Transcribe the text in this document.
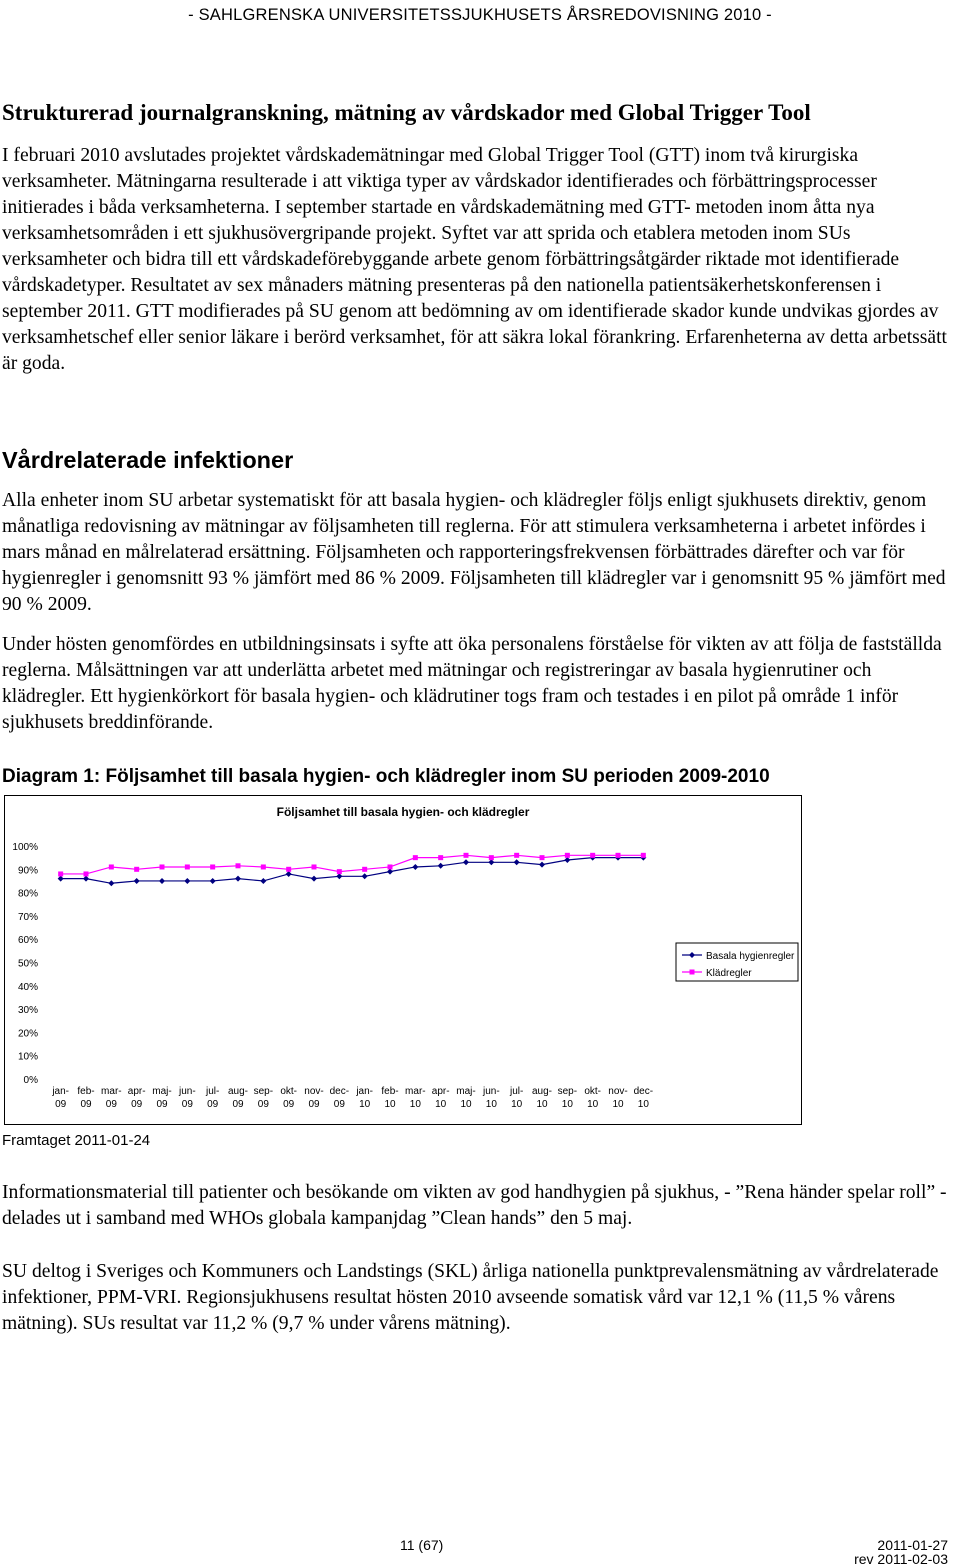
- SAHLGRENSKA UNIVERSITETSSJUKHUSETS ÅRSREDOVISNING 2010 -
Strukturerad journalgranskning, mätning av vårdskador med Global Trigger Tool

I februari 2010 avslutades projektet vårdskademätningar med Global Trigger Tool (GTT) inom två kirurgiska verksamheter. Mätningarna resulterade i att viktiga typer av vårdskador identifierades och förbättringsprocesser initierades i båda verksamheterna. I september startade en vårdskademätning med GTT- metoden inom åtta nya verksamhetsområden i ett sjukhusövergripande projekt. Syftet var att sprida och etablera metoden inom SUs verksamheter och bidra till ett vårdskadeförebyggande arbete genom förbättringsåtgärder riktade mot identifierade vårdskadetyper. Resultatet av sex månaders mätning presenteras på den nationella patientsäkerhetskonferensen i september 2011. GTT modifierades på SU genom att bedömning av om identifierade skador kunde undvikas gjordes av verksamhetschef eller senior läkare i berörd verksamhet, för att säkra lokal förankring. Erfarenheterna av detta arbetssätt är goda.

Vårdrelaterade infektioner

Alla enheter inom SU arbetar systematiskt för att basala hygien- och klädregler följs enligt sjukhusets direktiv, genom månatliga redovisning av mätningar av följsamheten till reglerna. För att stimulera verksamheterna i arbetet infördes i mars månad en målrelaterad ersättning. Följsamheten och rapporteringsfrekvensen förbättrades därefter och var för hygienregler i genomsnitt 93 % jämfört med 86 % 2009. Följsamheten till klädregler var i genomsnitt 95 % jämfört med 90 % 2009.

Under hösten genomfördes en utbildningsinsats i syfte att öka personalens förståelse för vikten av att följa de fastställda reglerna. Målsättningen var att underlätta arbetet med mätningar och registreringar av basala hygienrutiner och klädregler. Ett hygienkörkort för basala hygien- och klädrutiner togs fram och testades i en pilot på område 1 inför sjukhusets breddinförande.

Diagram 1: Följsamhet till basala hygien- och klädregler inom SU perioden 2009-2010
Följsamhet till basala hygien- och klädregler
0%
10%
20%
30%
40%
50%
60%
70%
80%
90%
100%
jan-09
feb-09
mar-09
apr-09
maj-09
jun-09
jul-09
aug-09
sep-09
okt-09
nov-09
dec-09
jan-10
feb-10
mar-10
apr-10
maj-10
jun-10
jul-10
aug-10
sep-10
okt-10
nov-10
dec-10
Basala hygienregler
Klädregler
Framtaget 2011-01-24

Informationsmaterial till patienter och besökande om vikten av god handhygien på sjukhus, - ”Rena händer spelar roll” - delades ut i samband med WHOs globala kampanjdag ”Clean hands” den 5 maj.

SU deltog i Sveriges och Kommuners och Landstings (SKL) årliga nationella punktprevalensmätning av vårdrelaterade infektioner, PPM-VRI. Regionsjukhusens resultat hösten 2010 avseende somatisk vård var 12,1 % (11,5 % vårens mätning). SUs resultat var 11,2 % (9,7 % under vårens mätning).

11 (67)	2011-01-27
rev 2011-02-03
